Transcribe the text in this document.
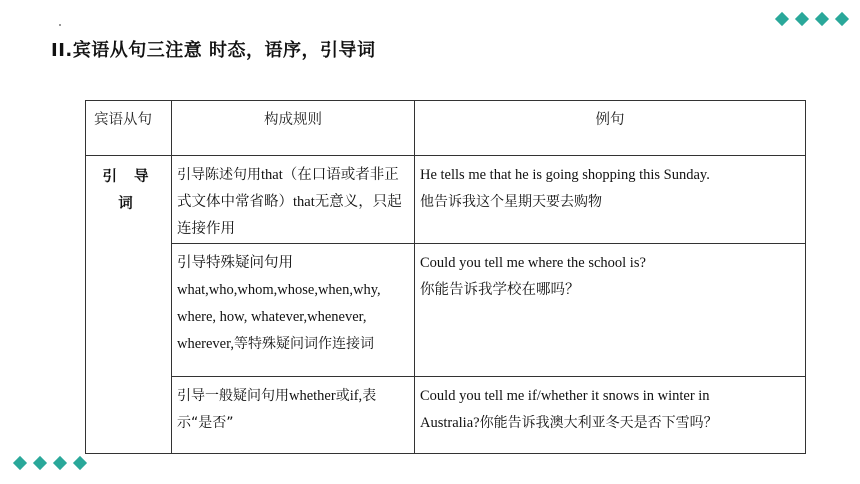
II.宾语从句三注意 时态，语序，引导词
宾语从句	构成规则	例句
引 导 词	引导陈述句用that（在口语或者非正式文体中常省略）that无意义，只起连接作用	He tells me that he is going shopping this Sunday.
他告诉我这个星期天要去购物

	引导特殊疑问句用
what,who,whom,whose,when,why,
where, how, whatever,whenever,
wherever,等特殊疑问词作连接词	Could you tell me where the school is?
你能告诉我学校在哪吗？

	引导一般疑问句用whether或if,表示“是否”	Could you tell me if/whether it snows in winter in
Australia?你能告诉我澳大利亚冬天是否下雪吗？
